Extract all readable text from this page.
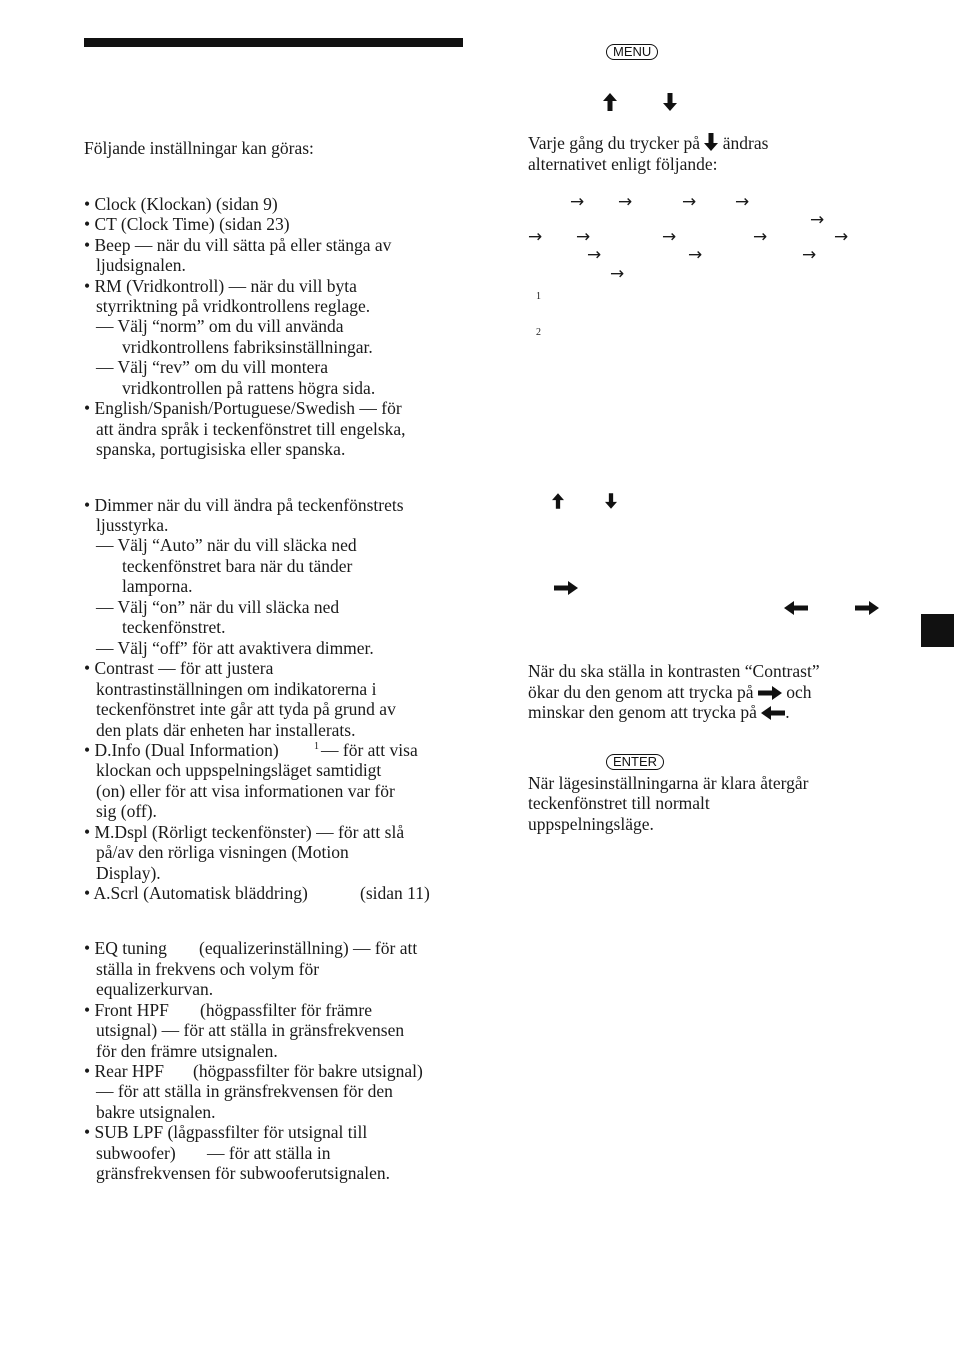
Följande inställningar kan göras:
• Clock (Klockan) (sidan 9)
• CT (Clock Time) (sidan 23)
• Beep — när du vill sätta på eller stänga av
ljudsignalen.
• RM (Vridkontroll) — när du vill byta
styrriktning på vridkontrollens reglage.
— Välj “norm” om du vill använda
vridkontrollens fabriksinställningar.
— Välj “rev” om du vill montera
vridkontrollen på rattens högra sida.
• English/Spanish/Portuguese/Swedish — för
att ändra språk i teckenfönstret till engelska,
spanska, portugisiska eller spanska.
• Dimmer när du vill ändra på teckenfönstrets
ljusstyrka.
— Välj “Auto” när du vill släcka ned
teckenfönstret bara när du tänder
lamporna.
— Välj “on” när du vill släcka ned
teckenfönstret.
— Välj “off” för att avaktivera dimmer.
• Contrast — för att justera
kontrastinställningen om indikatorerna i
teckenfönstret inte går att tyda på grund av
den plats där enheten har installerats.
• D.Info (Dual Information)	1 — för att visa
klockan och uppspelningsläget samtidigt
(on) eller för att visa informationen var för
sig (off).
• M.Dspl (Rörligt teckenfönster) — för att slå
på/av den rörliga visningen (Motion
Display).
• A.Scrl (Automatisk bläddring)	(sidan 11)
• EQ tuning (equalizerinställning) — för att
ställa in frekvens och volym för
equalizerkurvan.
• Front HPF (högpassfilter för främre
utsignal) — för att ställa in gränsfrekvensen
för den främre utsignalen.
• Rear HPF (högpassfilter för bakre utsignal)
— för att ställa in gränsfrekvensen för den
bakre utsignalen.
• SUB LPF (lågpassfilter för utsignal till
subwoofer) — för att ställa in
gränsfrekvensen för subwooferutsignalen.
MENU
Varje gång du trycker på ändras
alternativet enligt följande:
→ →	→ →
→
→ →	→	→	→
→	→	→
→
1
2
När du ska ställa in kontrasten “Contrast”
ökar du den genom att trycka på och
minskar den genom att trycka på .
ENTER
När lägesinställningarna är klara återgår
teckenfönstret till normalt
uppspelningsläge.
